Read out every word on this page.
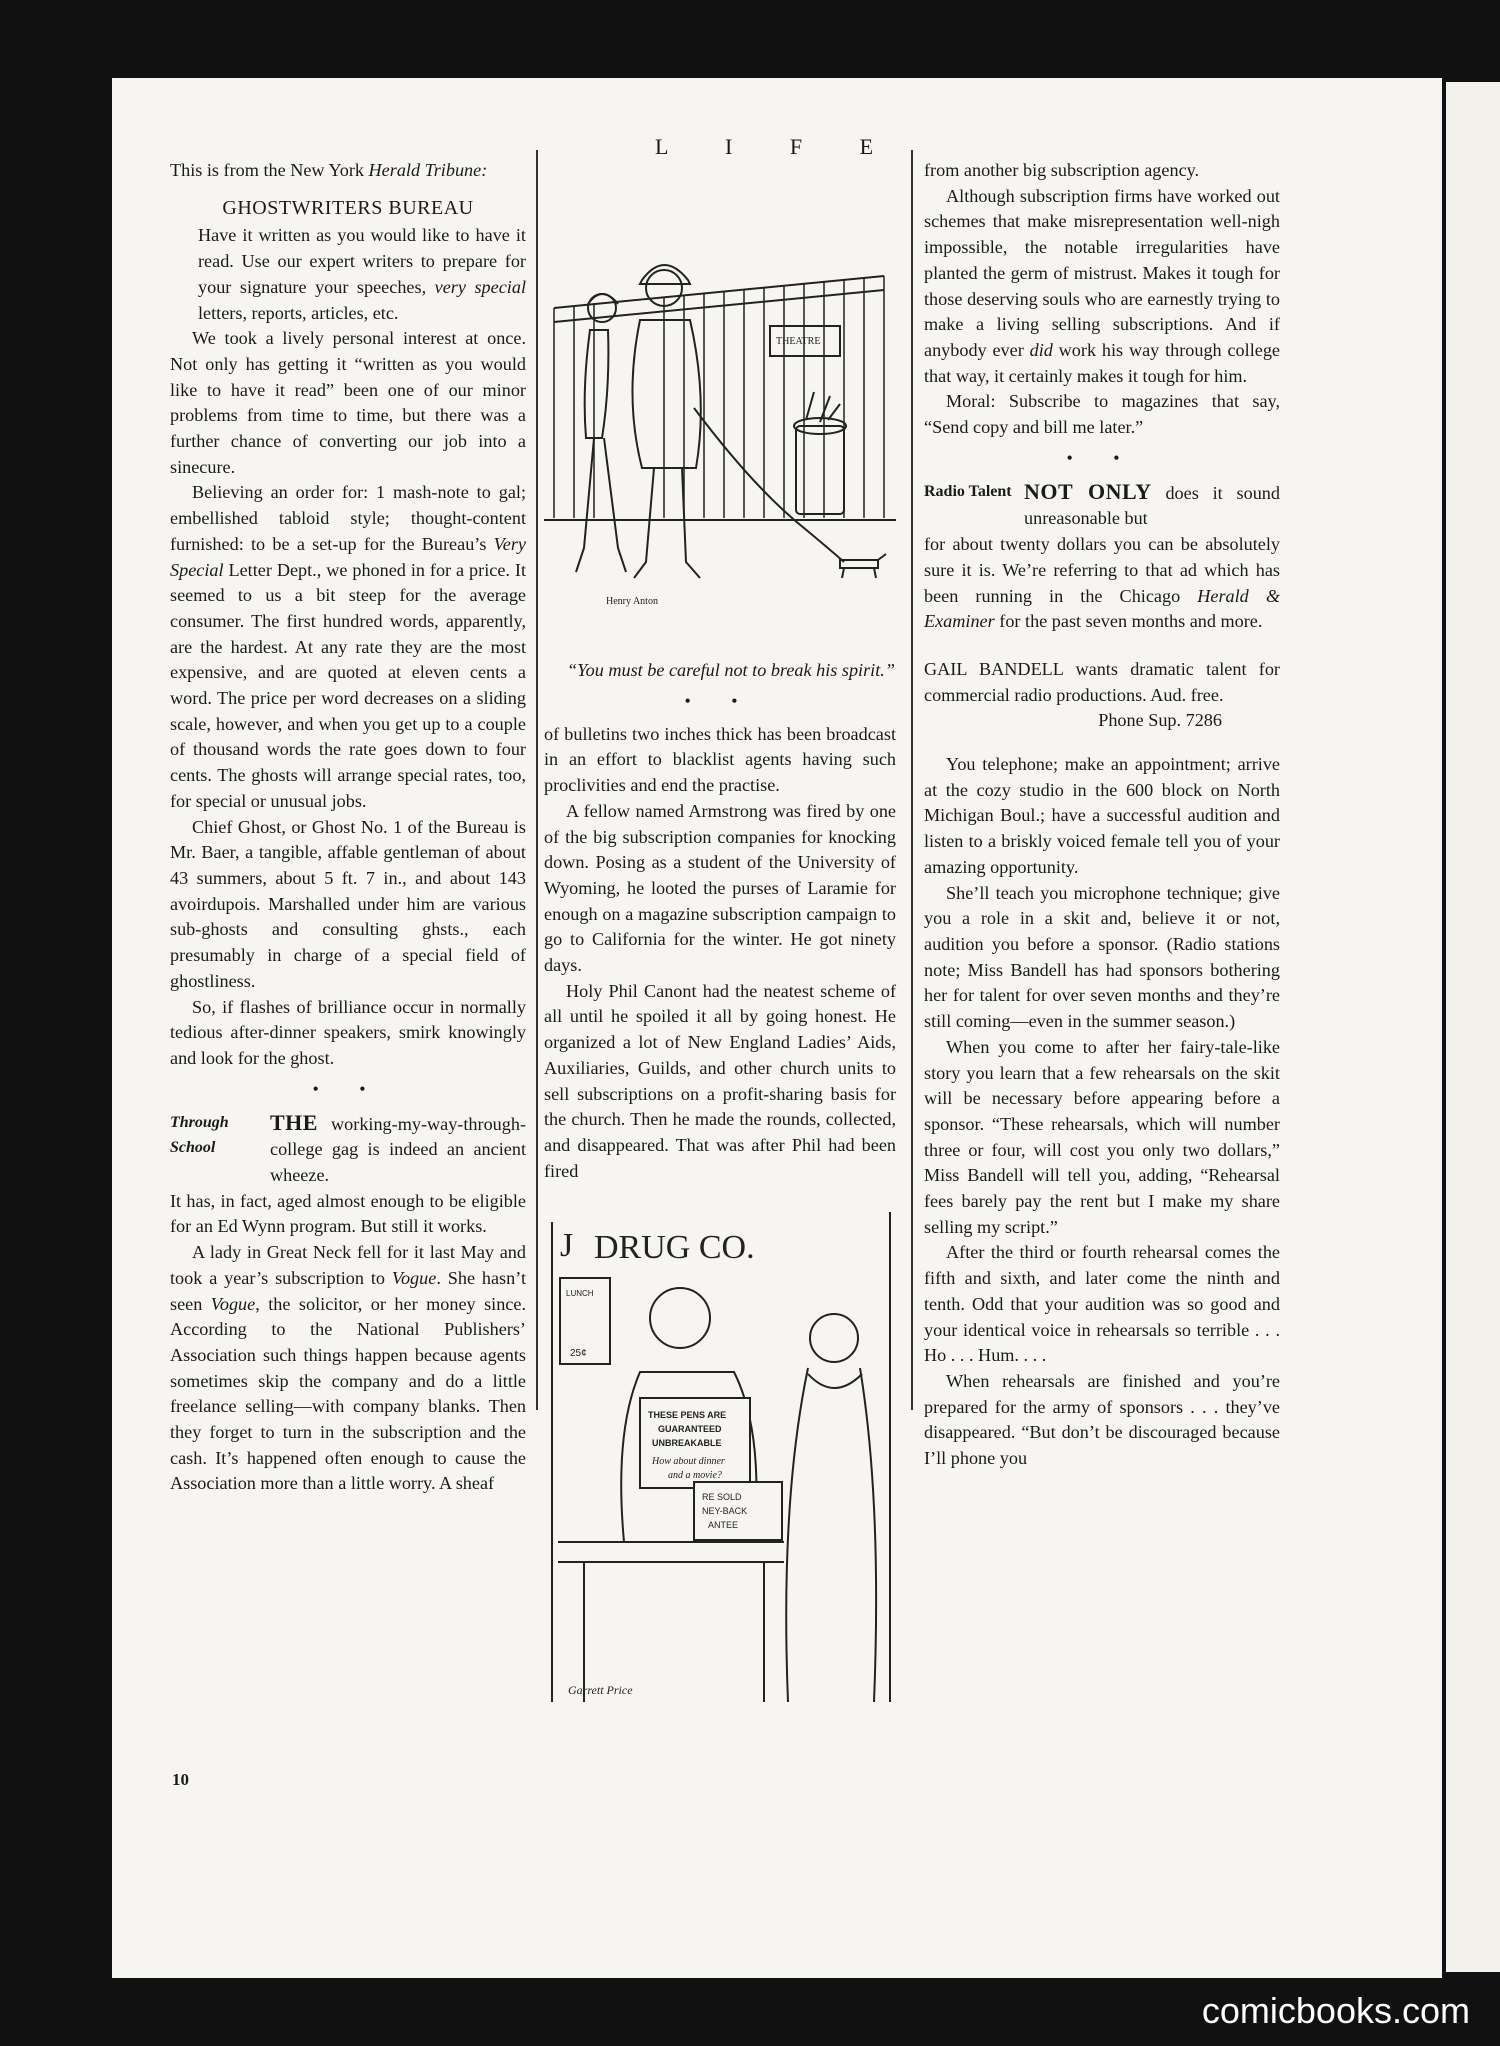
L I F E

This is from the New York Herald Tribune:

GHOSTWRITERS BUREAU

Have it written as you would like to have it read. Use our expert writers to prepare for your signature your speeches, very special letters, reports, articles, etc.

We took a lively personal interest at once. Not only has getting it “written as you would like to have it read” been one of our minor problems from time to time, but there was a further chance of converting our job into a sinecure.

Believing an order for: 1 mash-note to gal; embellished tabloid style; thought-content furnished: to be a set-up for the Bureau’s Very Special Letter Dept., we phoned in for a price. It seemed to us a bit steep for the average consumer. The first hundred words, apparently, are the hardest. At any rate they are the most expensive, and are quoted at eleven cents a word. The price per word decreases on a sliding scale, however, and when you get up to a couple of thousand words the rate goes down to four cents. The ghosts will arrange special rates, too, for special or unusual jobs.

Chief Ghost, or Ghost No. 1 of the Bureau is Mr. Baer, a tangible, affable gentleman of about 43 summers, about 5 ft. 7 in., and about 143 avoirdupois. Marshalled under him are various sub-ghosts and consulting ghsts., each presumably in charge of a special field of ghostliness.

So, if flashes of brilliance occur in normally tedious after-dinner speakers, smirk knowingly and look for the ghost.

• •
Through School
THE working-my-way-through-college gag is indeed an ancient wheeze.

It has, in fact, aged almost enough to be eligible for an Ed Wynn program. But still it works.

A lady in Great Neck fell for it last May and took a year’s subscription to Vogue. She hasn’t seen Vogue, the solicitor, or her money since. According to the National Publishers’ Association such things happen because agents sometimes skip the company and do a little freelance selling—with company blanks. Then they forget to turn in the subscription and the cash. It’s happened often enough to cause the Association more than a little worry. A sheaf

Henry Anton
THEATRE

“You must be careful not to break his spirit.”

• •

of bulletins two inches thick has been broadcast in an effort to blacklist agents having such proclivities and end the practise.

A fellow named Armstrong was fired by one of the big subscription companies for knocking down. Posing as a student of the University of Wyoming, he looted the purses of Laramie for enough on a magazine subscription campaign to go to California for the winter. He got ninety days.

Holy Phil Canont had the neatest scheme of all until he spoiled it all by going honest. He organized a lot of New England Ladies’ Aids, Auxiliaries, Guilds, and other church units to sell subscriptions on a profit-sharing basis for the church. Then he made the rounds, collected, and disappeared. That was after Phil had been fired

J DRUG CO.
LUNCH
25¢
THESE PENS ARE
GUARANTEED
UNBREAKABLE
How about dinner
and a movie?
RE SOLD
NEY-BACK
ANTEE
Garrett Price

from another big subscription agency.

Although subscription firms have worked out schemes that make misrepresentation well-nigh impossible, the notable irregularities have planted the germ of mistrust. Makes it tough for those deserving souls who are earnestly trying to make a living selling subscriptions. And if anybody ever did work his way through college that way, it certainly makes it tough for him.

Moral: Subscribe to magazines that say, “Send copy and bill me later.”

• •
Radio Talent NOT ONLY does it sound unreasonable but

for about twenty dollars you can be absolutely sure it is. We’re referring to that ad which has been running in the Chicago Herald & Examiner for the past seven months and more.

GAIL BANDELL wants dramatic talent for commercial radio productions. Aud. free.

Phone Sup. 7286

You telephone; make an appointment; arrive at the cozy studio in the 600 block on North Michigan Boul.; have a successful audition and listen to a briskly voiced female tell you of your amazing opportunity.

She’ll teach you microphone technique; give you a role in a skit and, believe it or not, audition you before a sponsor. (Radio stations note; Miss Bandell has had sponsors bothering her for talent for over seven months and they’re still coming—even in the summer season.)

When you come to after her fairy-tale-like story you learn that a few rehearsals on the skit will be necessary before appearing before a sponsor. “These rehearsals, which will number three or four, will cost you only two dollars,” Miss Bandell will tell you, adding, “Rehearsal fees barely pay the rent but I make my share selling my script.”

After the third or fourth rehearsal comes the fifth and sixth, and later come the ninth and tenth. Odd that your audition was so good and your identical voice in rehearsals so terrible . . . Ho . . . Hum. . . .

When rehearsals are finished and you’re prepared for the army of sponsors . . . they’ve disappeared. “But don’t be discouraged because I’ll phone you

10
comicbooks.com
